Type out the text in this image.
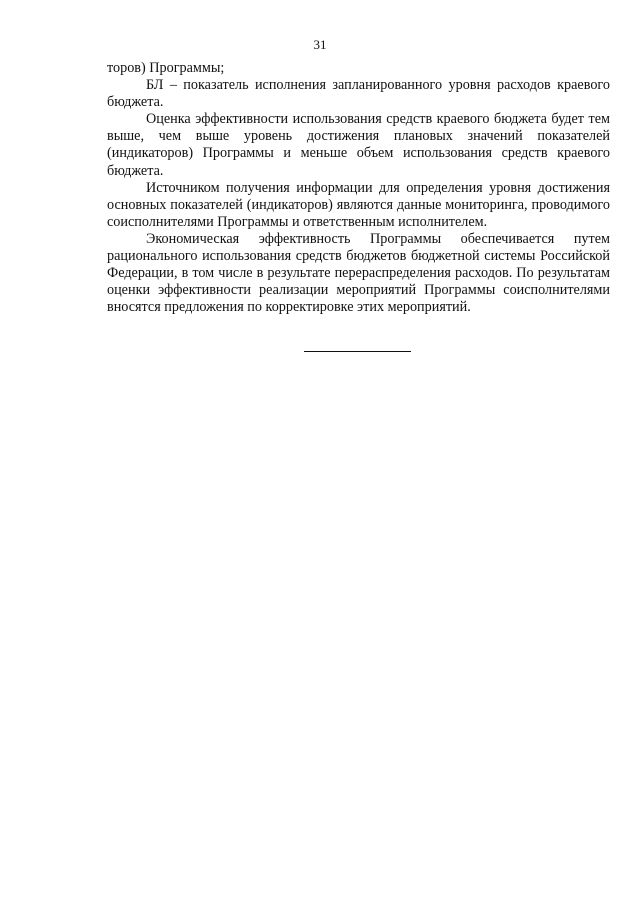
31

торов) Программы;

БЛ – показатель исполнения запланированного уровня расходов краевого бюджета.

Оценка эффективности использования средств краевого бюджета будет тем выше, чем выше уровень достижения плановых значений показателей (индикаторов) Программы и меньше объем использования средств краевого бюджета.

Источником получения информации для определения уровня достижения основных показателей (индикаторов) являются данные мониторинга, проводимого соисполнителями Программы и ответственным исполнителем.

Экономическая эффективность Программы обеспечивается путем рационального использования средств бюджетов бюджетной системы Российской Федерации, в том числе в результате перераспределения расходов. По результатам оценки эффективности реализации мероприятий Программы соисполнителями вносятся предложения по корректировке этих мероприятий.
